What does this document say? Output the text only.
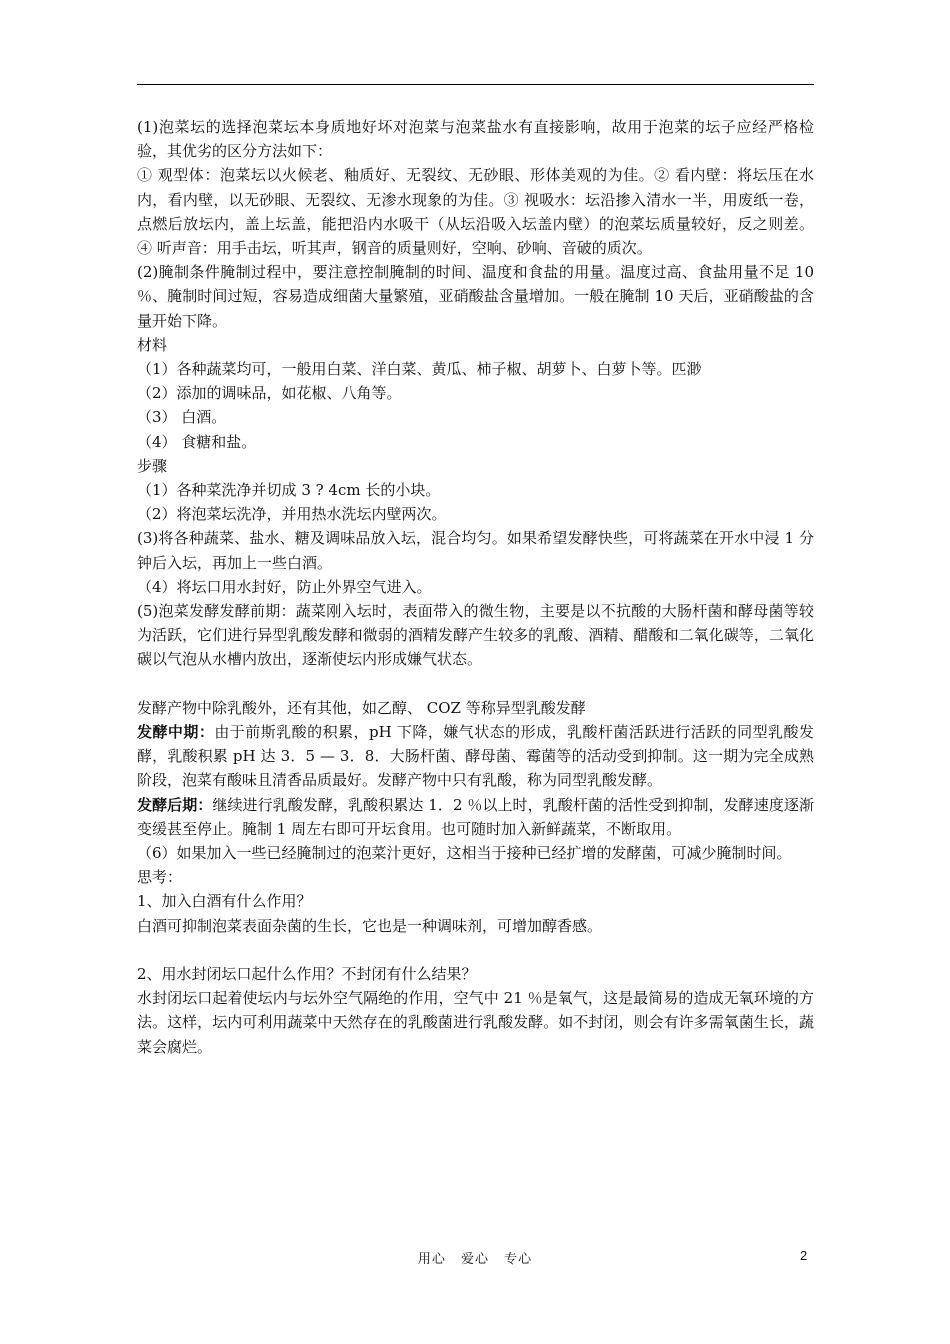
(1)泡菜坛的选择泡菜坛本身质地好坏对泡菜与泡菜盐水有直接影响，故用于泡菜的坛子应经严格检验，其优劣的区分方法如下：

① 观型体：泡菜坛以火候老、釉质好、无裂纹、无砂眼、形体美观的为佳。② 看内壁：将坛压在水内，看内壁，以无砂眼、无裂纹、无渗水现象的为佳。③ 视吸水：坛沿掺入清水一半，用废纸一卷，点燃后放坛内，盖上坛盖，能把沿内水吸干（从坛沿吸入坛盖内壁）的泡菜坛质量较好，反之则差。 ④ 听声音：用手击坛，听其声，钢音的质量则好，空响、砂响、音破的质次。

(2)腌制条件腌制过程中，要注意控制腌制的时间、温度和食盐的用量。温度过高、食盐用量不足 10 ％、腌制时间过短，容易造成细菌大量繁殖，亚硝酸盐含量增加。一般在腌制 10 天后，亚硝酸盐的含量开始下降。

材料

（1）各种蔬菜均可，一般用白菜、洋白菜、黄瓜、柿子椒、胡萝卜、白萝卜等。匹渺

（2）添加的调味品，如花椒、八角等。

（3） 白酒。

（4） 食糖和盐。

步骤

（1）各种菜洗净并切成 3 ? 4cm 长的小块。

（2）将泡菜坛洗净，并用热水洗坛内壁两次。

(3)将各种蔬菜、盐水、糖及调味品放入坛，混合均匀。如果希望发酵快些，可将蔬菜在开水中浸 1 分钟后入坛，再加上一些白酒。

（4）将坛口用水封好，防止外界空气进入。

(5)泡菜发酵发酵前期：蔬菜刚入坛时，表面带入的微生物，主要是以不抗酸的大肠杆菌和酵母菌等较为活跃，它们进行异型乳酸发酵和微弱的酒精发酵产生较多的乳酸、酒精、醋酸和二氧化碳等，二氧化碳以气泡从水槽内放出，逐渐使坛内形成嫌气状态。

发酵产物中除乳酸外，还有其他，如乙醇、 COZ 等称异型乳酸发酵

发酵中期：由于前斯乳酸的积累，pH 下降，嫌气状态的形成，乳酸杆菌活跃进行活跃的同型乳酸发酵，乳酸积累 pH 达 3．5 — 3．8．大肠杆菌、酵母菌、霉菌等的活动受到抑制。这一期为完全成熟阶段，泡菜有酸味且清香品质最好。发酵产物中只有乳酸，称为同型乳酸发酵。

发酵后期：继续进行乳酸发酵，乳酸积累达 1．2 ％以上时，乳酸杆菌的活性受到抑制，发酵速度逐渐变缓甚至停止。腌制 1 周左右即可开坛食用。也可随时加入新鲜蔬菜，不断取用。

（6）如果加入一些已经腌制过的泡菜汁更好，这相当于接种已经扩增的发酵菌，可减少腌制时间。

思考：

1、加入白酒有什么作用？

白酒可抑制泡菜表面杂菌的生长，它也是一种调味剂，可增加醇香感。

2、用水封闭坛口起什么作用？不封闭有什么结果？

水封闭坛口起着使坛内与坛外空气隔绝的作用，空气中 21 ％是氧气，这是最简易的造成无氧环境的方法。这样，坛内可利用蔬菜中天然存在的乳酸菌进行乳酸发酵。如不封闭，则会有许多需氧菌生长，蔬菜会腐烂。

用心 爱心 专心	2
